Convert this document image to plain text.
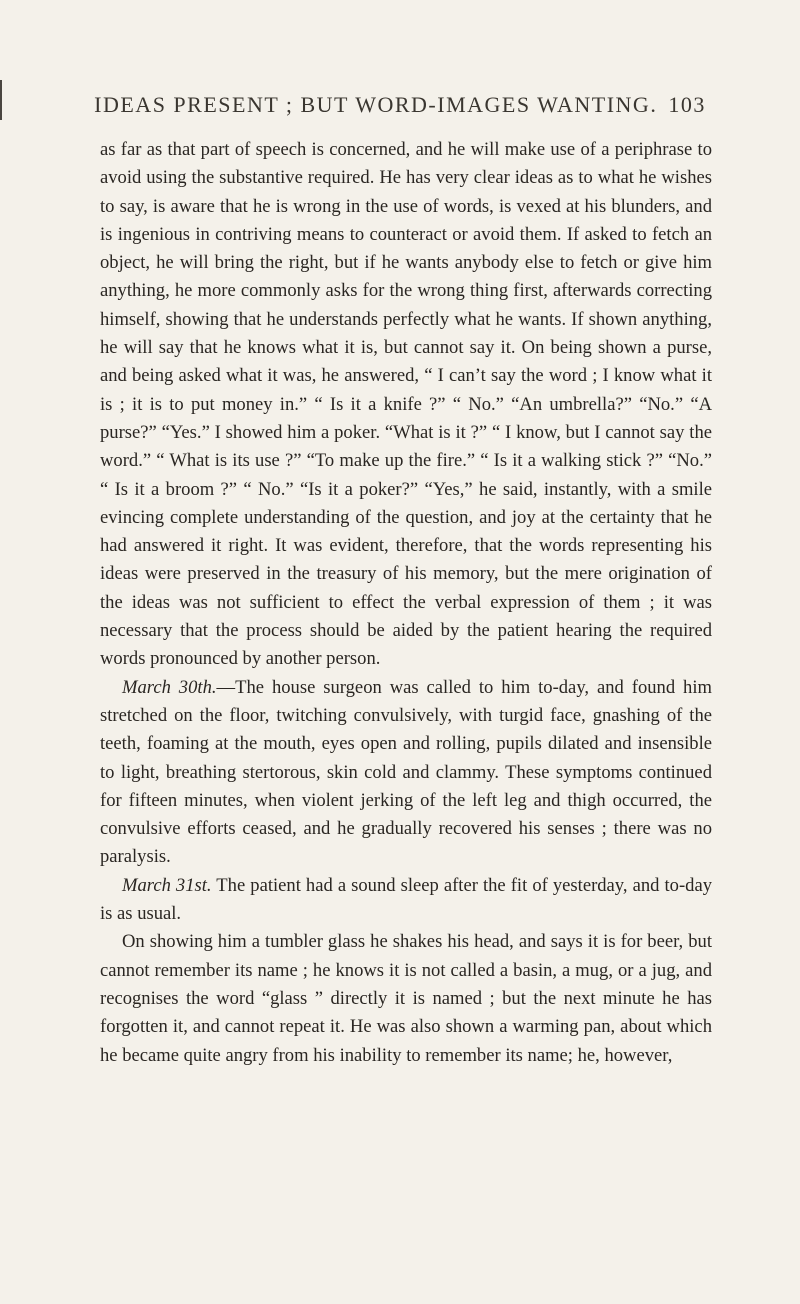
IDEAS PRESENT ; BUT WORD-IMAGES WANTING. 103

as far as that part of speech is concerned, and he will make use of a periphrase to avoid using the substantive required. He has very clear ideas as to what he wishes to say, is aware that he is wrong in the use of words, is vexed at his blunders, and is ingenious in contriving means to counteract or avoid them. If asked to fetch an object, he will bring the right, but if he wants anybody else to fetch or give him anything, he more commonly asks for the wrong thing first, afterwards correcting himself, showing that he understands perfectly what he wants. If shown anything, he will say that he knows what it is, but cannot say it. On being shown a purse, and being asked what it was, he answered, “ I can’t say the word ; I know what it is ; it is to put money in.” “ Is it a knife ?” “ No.” “An umbrella?” “No.” “A purse?” “Yes.” I showed him a poker. “What is it ?” “ I know, but I cannot say the word.” “ What is its use ?” “To make up the fire.” “ Is it a walking stick ?” “No.” “ Is it a broom ?” “ No.” “Is it a poker?” “Yes,” he said, instantly, with a smile evincing complete understanding of the question, and joy at the certainty that he had answered it right. It was evident, therefore, that the words representing his ideas were preserved in the treasury of his memory, but the mere origination of the ideas was not sufficient to effect the verbal expression of them ; it was necessary that the process should be aided by the patient hearing the required words pronounced by another person.

March 30th.—The house surgeon was called to him to-day, and found him stretched on the floor, twitching convulsively, with turgid face, gnashing of the teeth, foaming at the mouth, eyes open and rolling, pupils dilated and insensible to light, breathing stertorous, skin cold and clammy. These symptoms continued for fifteen minutes, when violent jerking of the left leg and thigh occurred, the convulsive efforts ceased, and he gradually recovered his senses ; there was no paralysis.

March 31st. The patient had a sound sleep after the fit of yesterday, and to-day is as usual.

On showing him a tumbler glass he shakes his head, and says it is for beer, but cannot remember its name ; he knows it is not called a basin, a mug, or a jug, and recognises the word “glass ” directly it is named ; but the next minute he has forgotten it, and cannot repeat it. He was also shown a warming pan, about which he became quite angry from his inability to remember its name; he, however,
